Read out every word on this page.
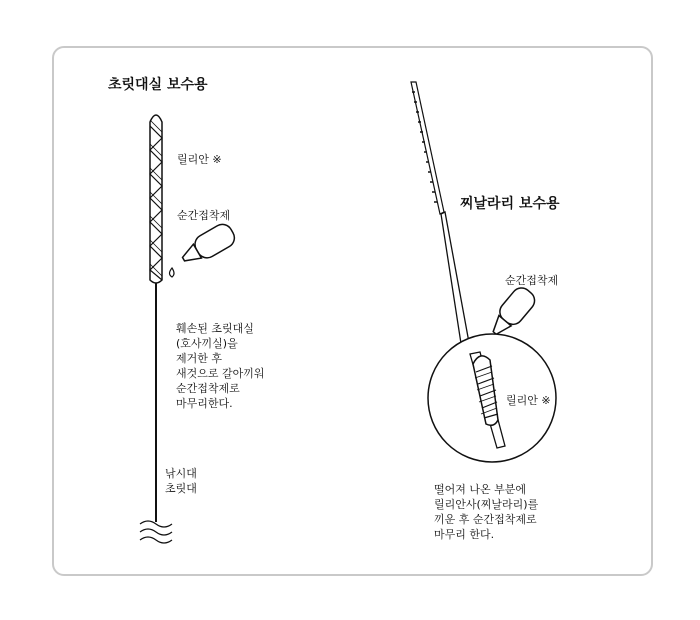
초릿대실 보수용
릴리안 ※
순간접착제
훼손된 초릿대실
(호사끼실)을
제거한 후
새것으로 갈아끼워
순간접착제로
마무리한다.
낚시대
초릿대
찌날라리 보수용
순간접착제
릴리안 ※
떨어져 나온 부분에
릴리안사(찌날라리)를
끼운 후 순간접착제로
마무리 한다.
